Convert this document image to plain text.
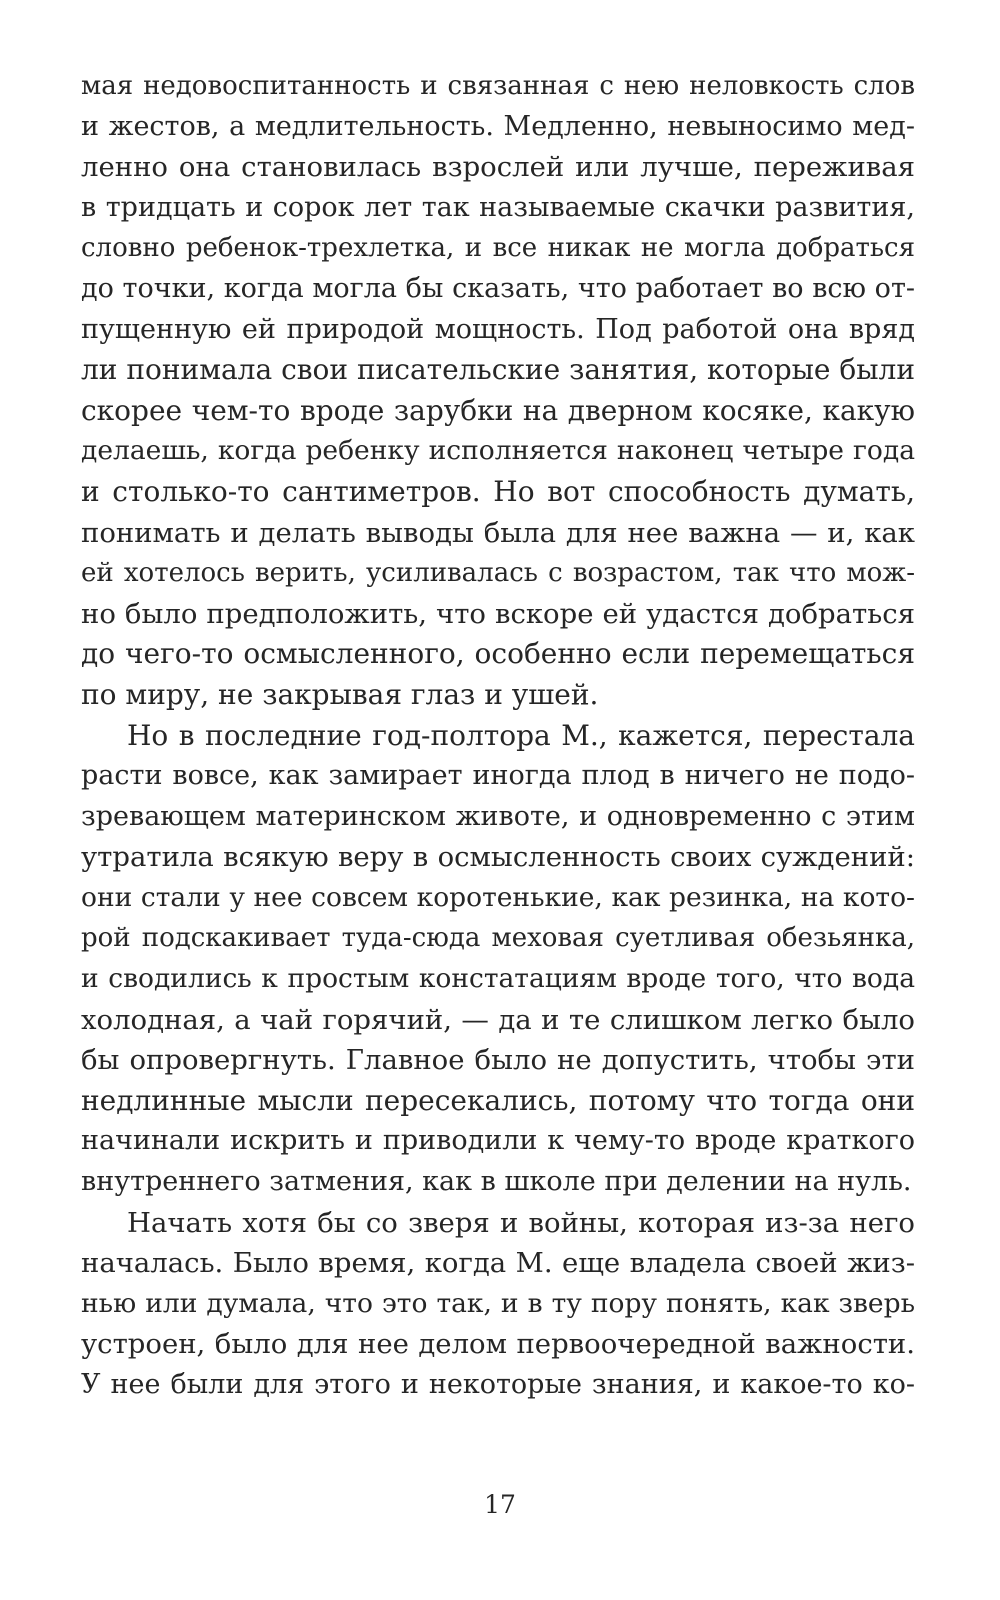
мая недовоспитанность и связанная с нею неловкость слов
и жестов, а медлительность. Медленно, невыносимо мед-
ленно она становилась взрослей или лучше, переживая
в тридцать и сорок лет так называемые скачки развития,
словно ребенок-трехлетка, и все никак не могла добраться
до точки, когда могла бы сказать, что работает во всю от-
пущенную ей природой мощность. Под работой она вряд
ли понимала свои писательские занятия, которые были
скорее чем-то вроде зарубки на дверном косяке, какую
делаешь, когда ребенку исполняется наконец четыре года
и столько-то сантиметров. Но вот способность думать,
понимать и делать выводы была для нее важна — и, как
ей хотелось верить, усиливалась с возрастом, так что мож-
но было предположить, что вскоре ей удастся добраться
до чего-то осмысленного, особенно если перемещаться
по миру, не закрывая глаз и ушей.
Но в последние год-полтора М., кажется, перестала
расти вовсе, как замирает иногда плод в ничего не подо-
зревающем материнском животе, и одновременно с этим
утратила всякую веру в осмысленность своих суждений:
они стали у нее совсем коротенькие, как резинка, на кото-
рой подскакивает туда-сюда меховая суетливая обезьянка,
и сводились к простым констатациям вроде того, что вода
холодная, а чай горячий, — да и те слишком легко было
бы опровергнуть. Главное было не допустить, чтобы эти
недлинные мысли пересекались, потому что тогда они
начинали искрить и приводили к чему-то вроде краткого
внутреннего затмения, как в школе при делении на нуль.
Начать хотя бы со зверя и войны, которая из-за него
началась. Было время, когда М. еще владела своей жиз-
нью или думала, что это так, и в ту пору понять, как зверь
устроен, было для нее делом первоочередной важности.
У нее были для этого и некоторые знания, и какое-то ко-
17
